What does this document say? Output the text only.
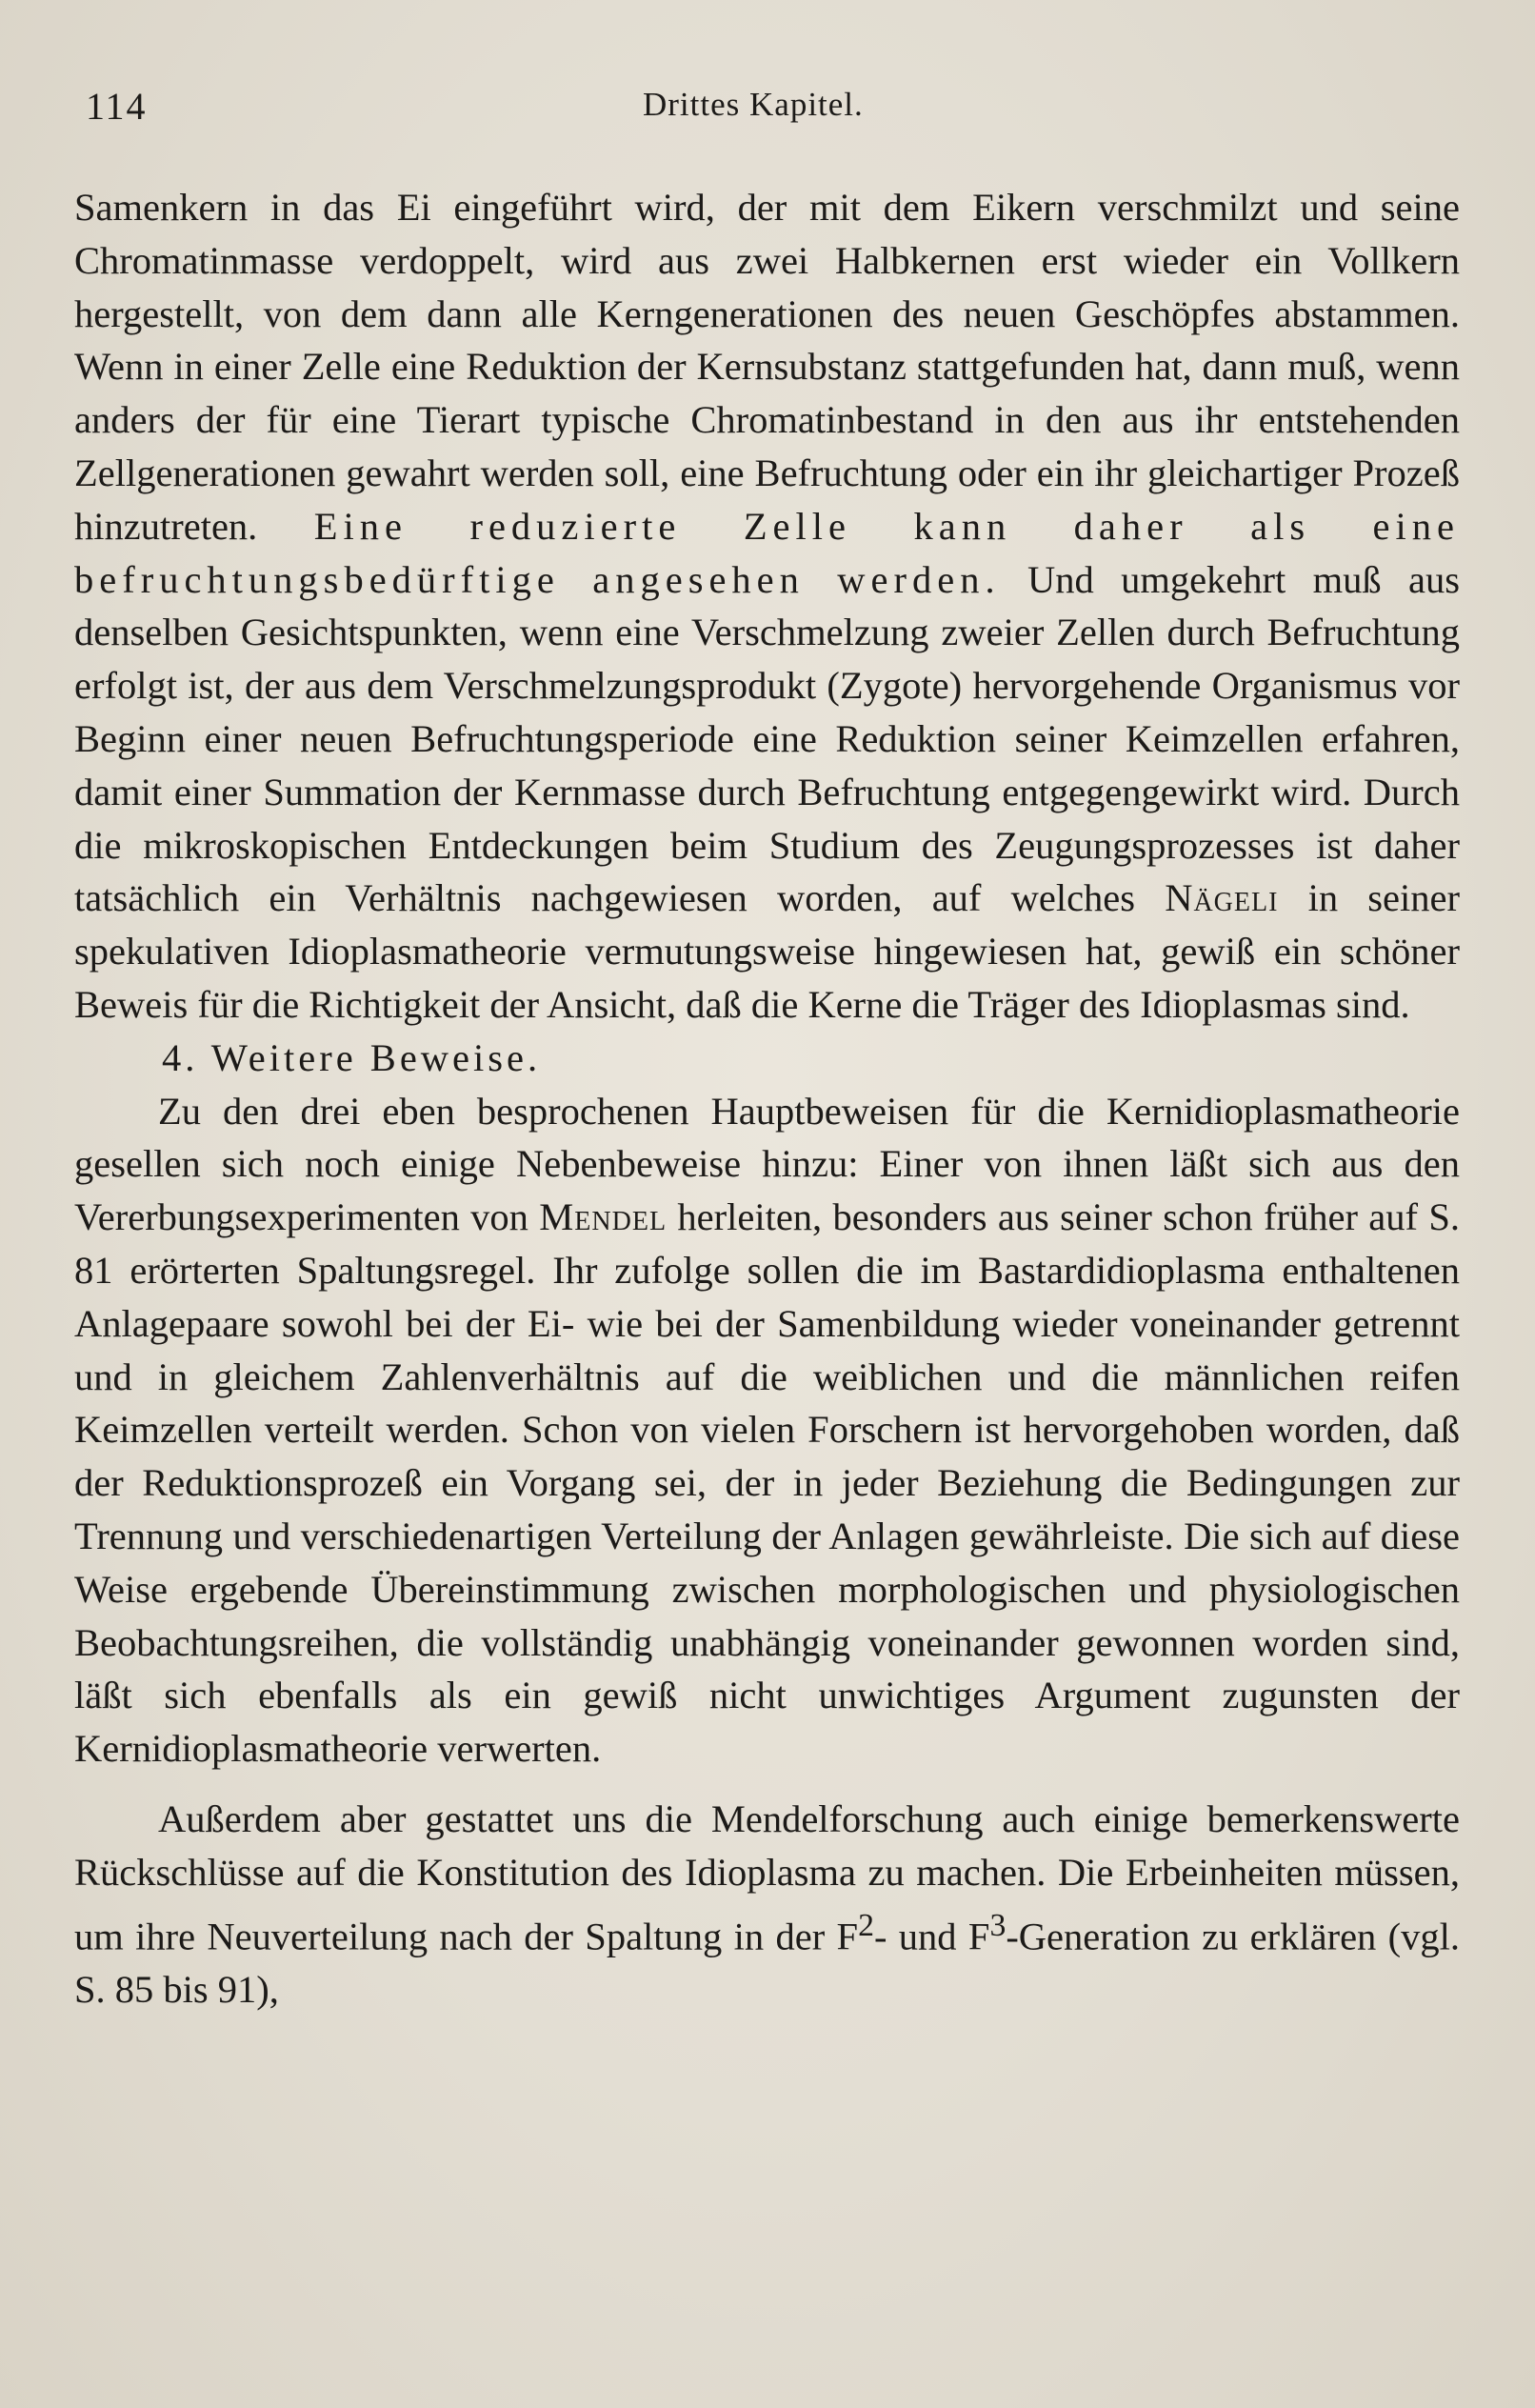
114	Drittes Kapitel.

Samenkern in das Ei eingeführt wird, der mit dem Eikern verschmilzt und seine Chromatinmasse verdoppelt, wird aus zwei Halbkernen erst wieder ein Vollkern hergestellt, von dem dann alle Kerngenerationen des neuen Geschöpfes abstammen. Wenn in einer Zelle eine Reduktion der Kernsubstanz stattgefunden hat, dann muß, wenn anders der für eine Tierart typische Chromatinbestand in den aus ihr entstehenden Zellgenerationen gewahrt werden soll, eine Befruchtung oder ein ihr gleichartiger Prozeß hinzutreten. Eine reduzierte Zelle kann daher als eine befruchtungsbedürftige angesehen werden. Und umgekehrt muß aus denselben Gesichtspunkten, wenn eine Verschmelzung zweier Zellen durch Befruchtung erfolgt ist, der aus dem Verschmelzungsprodukt (Zygote) hervorgehende Organismus vor Beginn einer neuen Befruchtungsperiode eine Reduktion seiner Keimzellen erfahren, damit einer Summation der Kernmasse durch Befruchtung entgegengewirkt wird. Durch die mikroskopischen Entdeckungen beim Studium des Zeugungsprozesses ist daher tatsächlich ein Verhältnis nachgewiesen worden, auf welches Nägeli in seiner spekulativen Idioplasmatheorie vermutungsweise hingewiesen hat, gewiß ein schöner Beweis für die Richtigkeit der Ansicht, daß die Kerne die Träger des Idioplasmas sind.

4. Weitere Beweise.

Zu den drei eben besprochenen Hauptbeweisen für die Kernidioplasmatheorie gesellen sich noch einige Nebenbeweise hinzu: Einer von ihnen läßt sich aus den Vererbungsexperimenten von Mendel herleiten, besonders aus seiner schon früher auf S. 81 erörterten Spaltungsregel. Ihr zufolge sollen die im Bastardidioplasma enthaltenen Anlagepaare sowohl bei der Ei- wie bei der Samenbildung wieder voneinander getrennt und in gleichem Zahlenverhältnis auf die weiblichen und die männlichen reifen Keimzellen verteilt werden. Schon von vielen Forschern ist hervorgehoben worden, daß der Reduktionsprozeß ein Vorgang sei, der in jeder Beziehung die Bedingungen zur Trennung und verschiedenartigen Verteilung der Anlagen gewährleiste. Die sich auf diese Weise ergebende Übereinstimmung zwischen morphologischen und physiologischen Beobachtungsreihen, die vollständig unabhängig voneinander gewonnen worden sind, läßt sich ebenfalls als ein gewiß nicht unwichtiges Argument zugunsten der Kernidioplasmatheorie verwerten.

Außerdem aber gestattet uns die Mendelforschung auch einige bemerkenswerte Rückschlüsse auf die Konstitution des Idioplasma zu machen. Die Erbeinheiten müssen, um ihre Neuverteilung nach der Spaltung in der $F^2-$ und $F^3$-Generation zu erklären (vgl. S. 85 bis 91),
